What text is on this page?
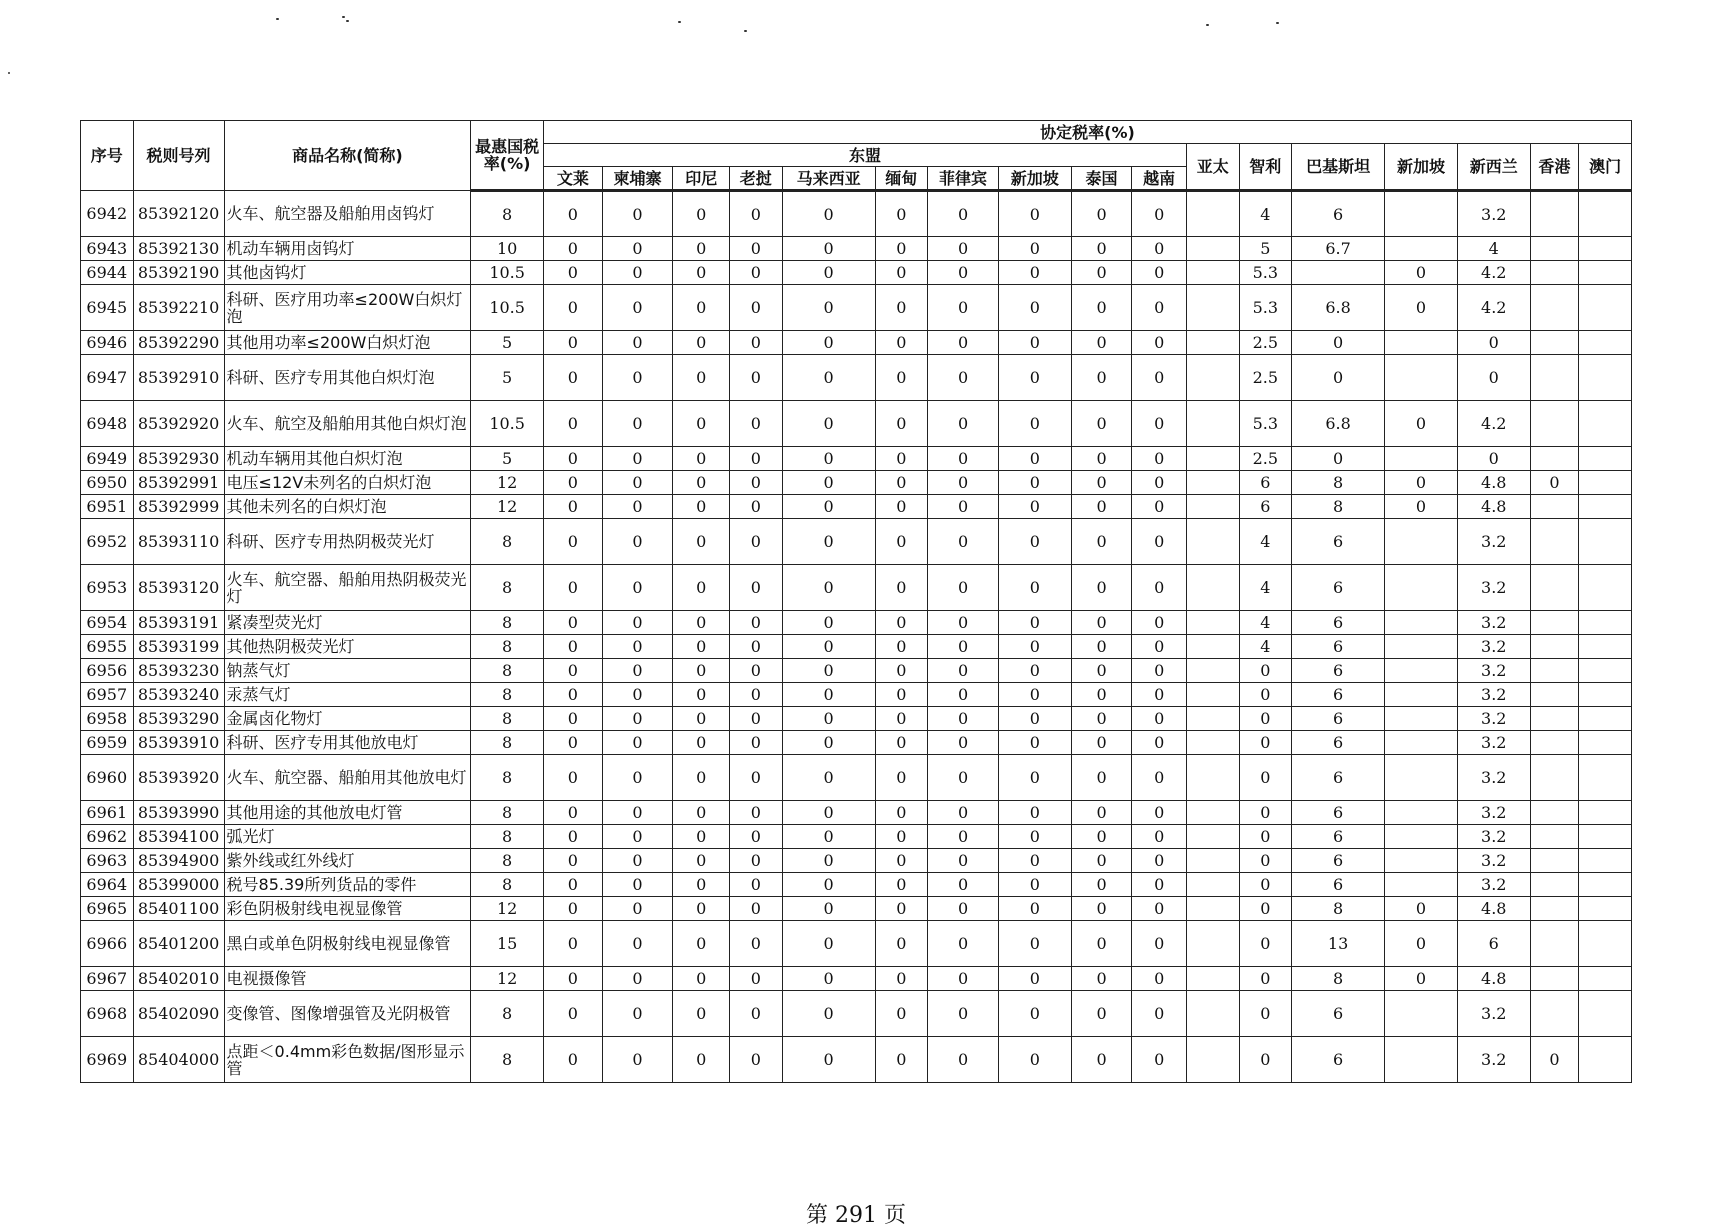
序号	税则号列	商品名称(简称)	最惠国税率(%)	协定税率(%)																
				东盟										亚太	智利	巴基斯坦	新加坡	新西兰	香港	澳门
				文莱	柬埔寨	印尼	老挝	马来西亚	缅甸	菲律宾	新加坡	泰国	越南							
6942	85392120	火车、航空器及船舶用卤钨灯	8	0	0	0	0	0	0	0	0	0	0		4	6		3.2		
6943	85392130	机动车辆用卤钨灯	10	0	0	0	0	0	0	0	0	0	0		5	6.7		4		
6944	85392190	其他卤钨灯	10.5	0	0	0	0	0	0	0	0	0	0		5.3		0	4.2		
6945	85392210	科研、医疗用功率≤200W白炽灯泡	10.5	0	0	0	0	0	0	0	0	0	0		5.3	6.8	0	4.2		
6946	85392290	其他用功率≤200W白炽灯泡	5	0	0	0	0	0	0	0	0	0	0		2.5	0		0		
6947	85392910	科研、医疗专用其他白炽灯泡	5	0	0	0	0	0	0	0	0	0	0		2.5	0		0		
6948	85392920	火车、航空及船舶用其他白炽灯泡	10.5	0	0	0	0	0	0	0	0	0	0		5.3	6.8	0	4.2		
6949	85392930	机动车辆用其他白炽灯泡	5	0	0	0	0	0	0	0	0	0	0		2.5	0		0		
6950	85392991	电压≤12V未列名的白炽灯泡	12	0	0	0	0	0	0	0	0	0	0		6	8	0	4.8	0	
6951	85392999	其他未列名的白炽灯泡	12	0	0	0	0	0	0	0	0	0	0		6	8	0	4.8		
6952	85393110	科研、医疗专用热阴极荧光灯	8	0	0	0	0	0	0	0	0	0	0		4	6		3.2		
6953	85393120	火车、航空器、船舶用热阴极荧光灯	8	0	0	0	0	0	0	0	0	0	0		4	6		3.2		
6954	85393191	紧凑型荧光灯	8	0	0	0	0	0	0	0	0	0	0		4	6		3.2		
6955	85393199	其他热阴极荧光灯	8	0	0	0	0	0	0	0	0	0	0		4	6		3.2		
6956	85393230	钠蒸气灯	8	0	0	0	0	0	0	0	0	0	0		0	6		3.2		
6957	85393240	汞蒸气灯	8	0	0	0	0	0	0	0	0	0	0		0	6		3.2		
6958	85393290	金属卤化物灯	8	0	0	0	0	0	0	0	0	0	0		0	6		3.2		
6959	85393910	科研、医疗专用其他放电灯	8	0	0	0	0	0	0	0	0	0	0		0	6		3.2		
6960	85393920	火车、航空器、船舶用其他放电灯	8	0	0	0	0	0	0	0	0	0	0		0	6		3.2		
6961	85393990	其他用途的其他放电灯管	8	0	0	0	0	0	0	0	0	0	0		0	6		3.2		
6962	85394100	弧光灯	8	0	0	0	0	0	0	0	0	0	0		0	6		3.2		
6963	85394900	紫外线或红外线灯	8	0	0	0	0	0	0	0	0	0	0		0	6		3.2		
6964	85399000	税号85.39所列货品的零件	8	0	0	0	0	0	0	0	0	0	0		0	6		3.2		
6965	85401100	彩色阴极射线电视显像管	12	0	0	0	0	0	0	0	0	0	0		0	8	0	4.8		
6966	85401200	黑白或单色阴极射线电视显像管	15	0	0	0	0	0	0	0	0	0	0		0	13	0	6		
6967	85402010	电视摄像管	12	0	0	0	0	0	0	0	0	0	0		0	8	0	4.8		
6968	85402090	变像管、图像增强管及光阴极管	8	0	0	0	0	0	0	0	0	0	0		0	6		3.2		
6969	85404000	点距＜0.4mm彩色数据/图形显示管	8	0	0	0	0	0	0	0	0	0	0		0	6		3.2	0	
第 291 页
